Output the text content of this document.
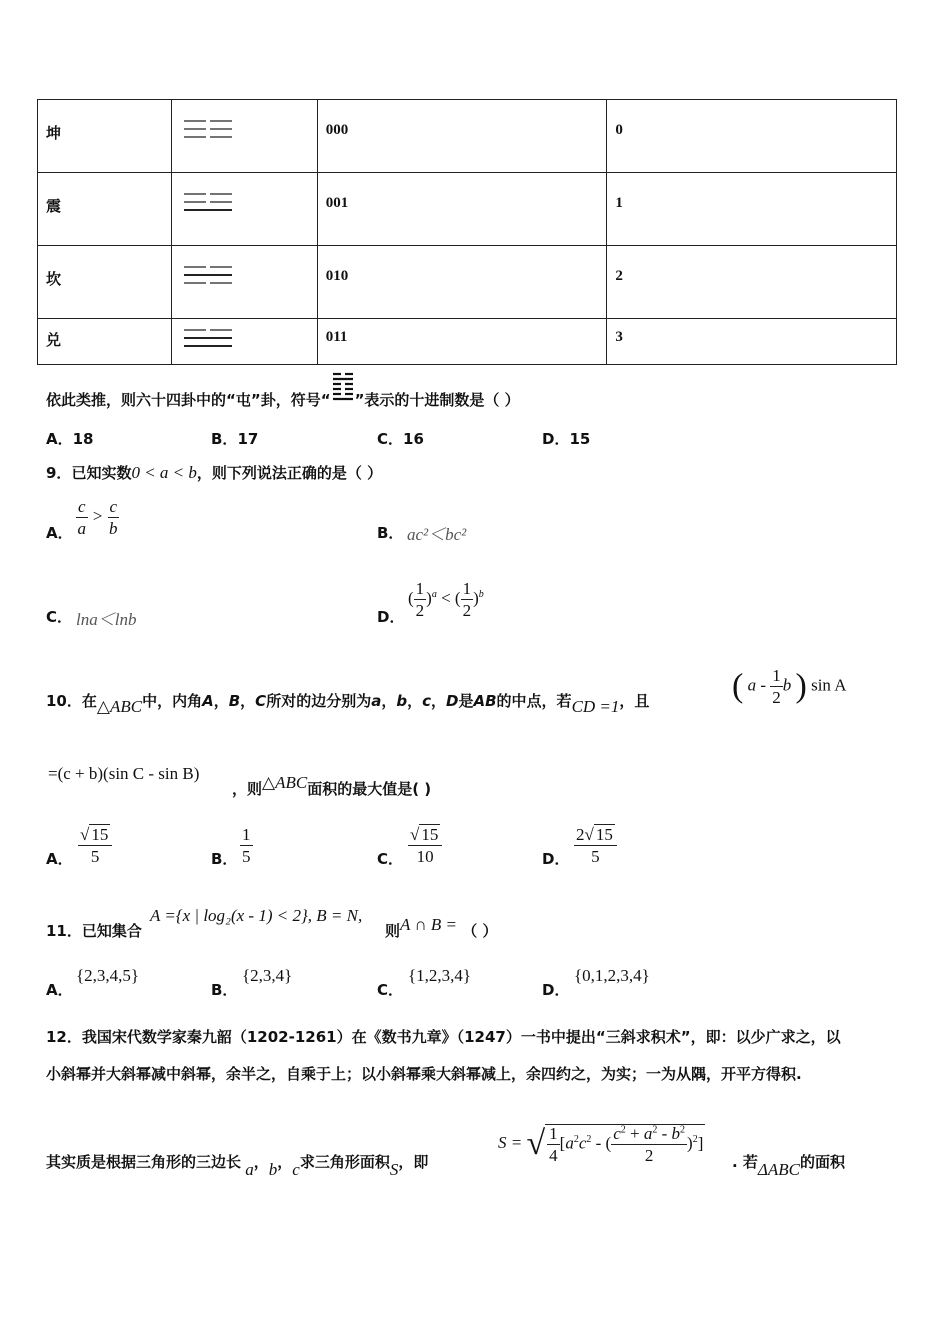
坤		000	0
震		001	1
坎		010	2
兑		011	3
依此类推，则六十四卦中的“屯”卦，符号“ ”表示的十进制数是（ ）
A．18	B．17	C．16	D．15
9．已知实数0 < a < b，则下列说法正确的是（ ）
A． $\frac{c}{a} > \frac{c}{b}$	B． ac²＜bc²
C． lna＜lnb	D．
( $\frac{1}{2} )^a$ < ( $\frac{1}{2} )^b$
10．在△ABC中，内角A，B，C所对的边分别为a，b，c，D是AB的中点，若CD =1，且 ( a - $\frac{1}{2}$ b ) sin A
=(c + b)(sin C - sin B)
，则△ABC面积的最大值是( )
A． $\frac{√ 15}{5}$	B． $\frac{1}{5}$	C． $\frac{√ 15}{10}$	D． $\frac{2√ 15}{5}$
11．已知集合
A ={x | log₂(x - 1) < 2}, B = N,
则A ∩ B = （ ）
A．
{2,3,4,5}
B．
{2,3,4}
C．
{1,2,3,4}
D．
{0,1,2,3,4}
12．我国宋代数学家秦九韶（1202-1261）在《数书九章》（1247）一书中提出“三斜求积术”，即：以少广求之，以
小斜幂并大斜幂减中斜幂，余半之，自乘于上；以小斜幂乘大斜幂减上，余四约之，为实；一为从隅，开平方得积.
其实质是根据三角形的三边长 a，b，c求三角形面积S，即
S = √ $\frac{1}{4} [a^2c^2$ - ( $\frac{c^2 + a^2 - b^2}{2} )^2$]
. 若ΔABC的面积
